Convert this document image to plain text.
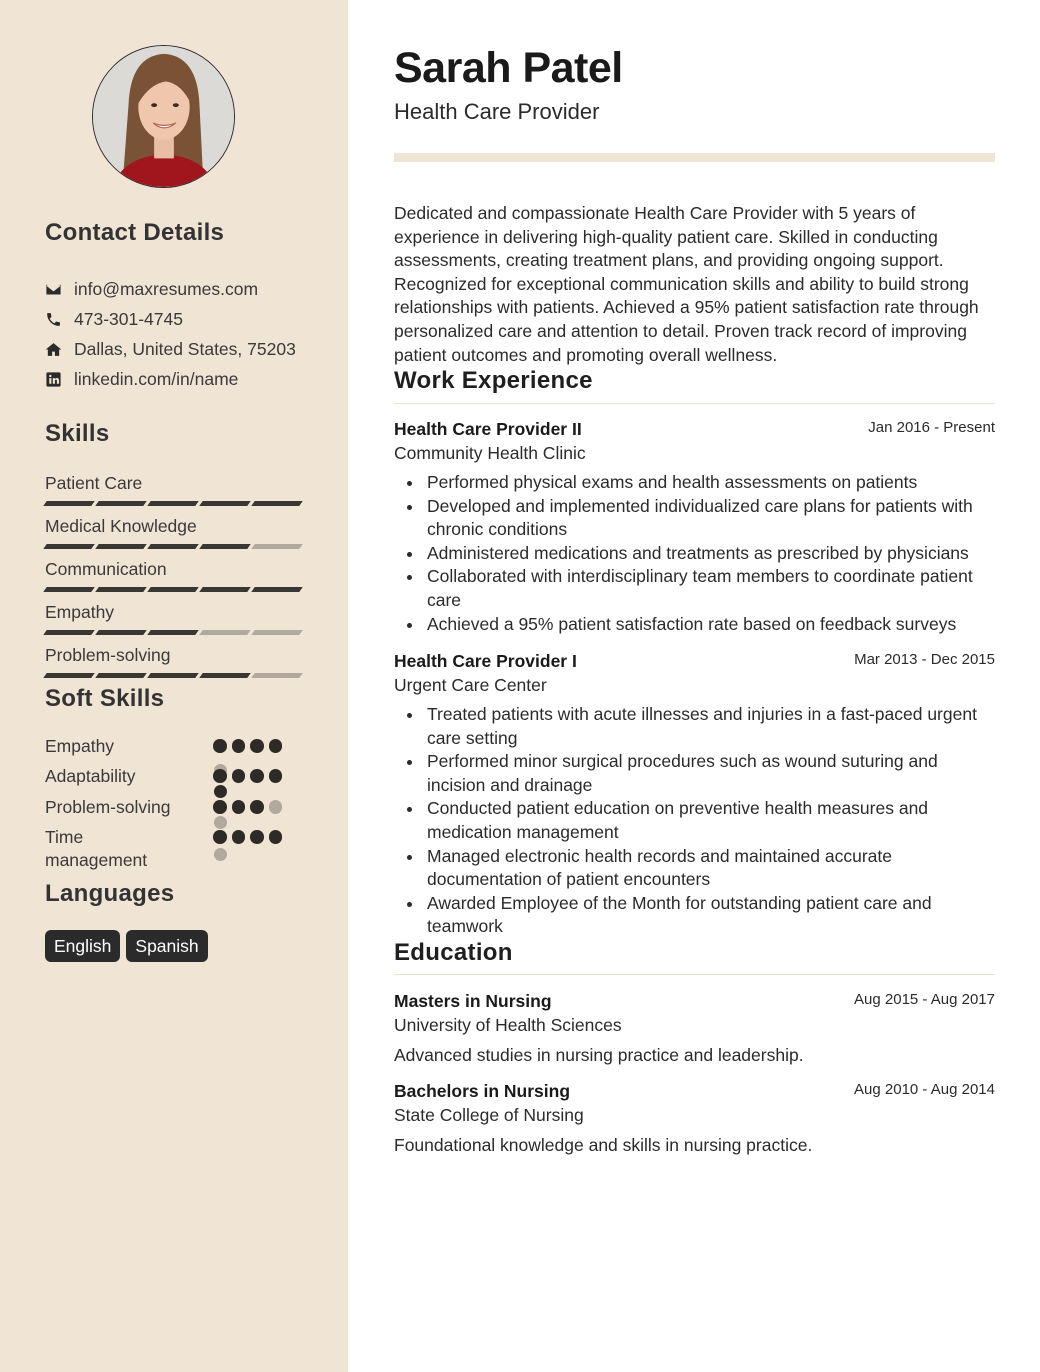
Contact Details
info@maxresumes.com
473-301-4745
Dallas, United States, 75203
linkedin.com/in/name
Skills
Patient Care
Medical Knowledge
Communication
Empathy
Problem-solving
Soft Skills
Empathy
Adaptability
Problem-solving
Time management
Languages
English	Spanish
Sarah Patel
Health Care Provider
Dedicated and compassionate Health Care Provider with 5 years of experience in delivering high-quality patient care. Skilled in conducting assessments, creating treatment plans, and providing ongoing support. Recognized for exceptional communication skills and ability to build strong relationships with patients. Achieved a 95% patient satisfaction rate through personalized care and attention to detail. Proven track record of improving patient outcomes and promoting overall wellness.
Work Experience
Health Care Provider II	Jan 2016 - Present
Community Health Clinic
Performed physical exams and health assessments on patients
Developed and implemented individualized care plans for patients with chronic conditions
Administered medications and treatments as prescribed by physicians
Collaborated with interdisciplinary team members to coordinate patient care
Achieved a 95% patient satisfaction rate based on feedback surveys
Health Care Provider I	Mar 2013 - Dec 2015
Urgent Care Center
Treated patients with acute illnesses and injuries in a fast-paced urgent care setting
Performed minor surgical procedures such as wound suturing and incision and drainage
Conducted patient education on preventive health measures and medication management
Managed electronic health records and maintained accurate documentation of patient encounters
Awarded Employee of the Month for outstanding patient care and teamwork
Education
Masters in Nursing	Aug 2015 - Aug 2017
University of Health Sciences
Advanced studies in nursing practice and leadership.
Bachelors in Nursing	Aug 2010 - Aug 2014
State College of Nursing
Foundational knowledge and skills in nursing practice.
